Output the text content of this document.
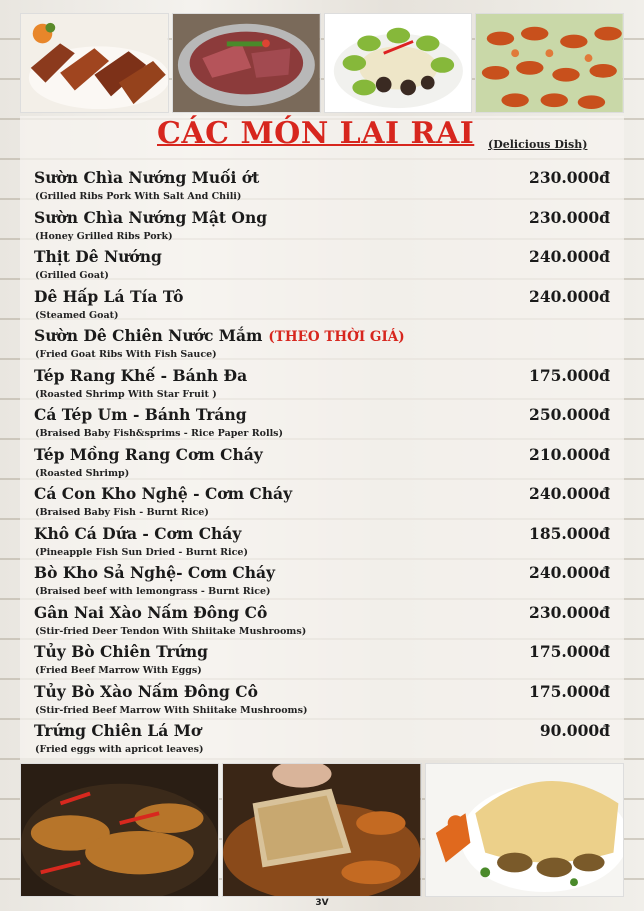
CÁC MÓN LAI RAI (Delicious Dish)
Sườn Chìa Nướng Muối ớt	230.000đ
(Grilled Ribs Pork With Salt And Chili)
Sườn Chìa Nướng Mật Ong	230.000đ
(Honey Grilled Ribs Pork)
Thịt Dê Nướng	240.000đ
(Grilled Goat)
Dê Hấp Lá Tía Tô	240.000đ
(Steamed Goat)
Sườn Dê Chiên Nước Mắm (THEO THỜI GIÁ)
(Fried Goat Ribs With Fish Sauce)
Tép Rang Khế - Bánh Đa	175.000đ
(Roasted Shrimp With Star Fruit )
Cá Tép Um - Bánh Tráng	250.000đ
(Braised Baby Fish&sprims - Rice Paper Rolls)
Tép Mồng Rang Cơm Cháy	210.000đ
(Roasted Shrimp)
Cá Con Kho Nghệ - Cơm Cháy	240.000đ
(Braised Baby Fish - Burnt Rice)
Khô Cá Dứa - Cơm Cháy	185.000đ
(Pineapple Fish Sun Dried - Burnt Rice)
Bò Kho Sả Nghệ- Cơm Cháy	240.000đ
(Braised beef with lemongrass - Burnt Rice)
Gân Nai Xào Nấm Đông Cô	230.000đ
(Stir-fried Deer Tendon With Shiitake Mushrooms)
Tủy Bò Chiên Trứng	175.000đ
(Fried Beef Marrow With Eggs)
Tủy Bò Xào Nấm Đông Cô	175.000đ
(Stir-fried Beef Marrow With Shiitake Mushrooms)
Trứng Chiên Lá Mơ	90.000đ
(Fried eggs with apricot leaves)
3V
